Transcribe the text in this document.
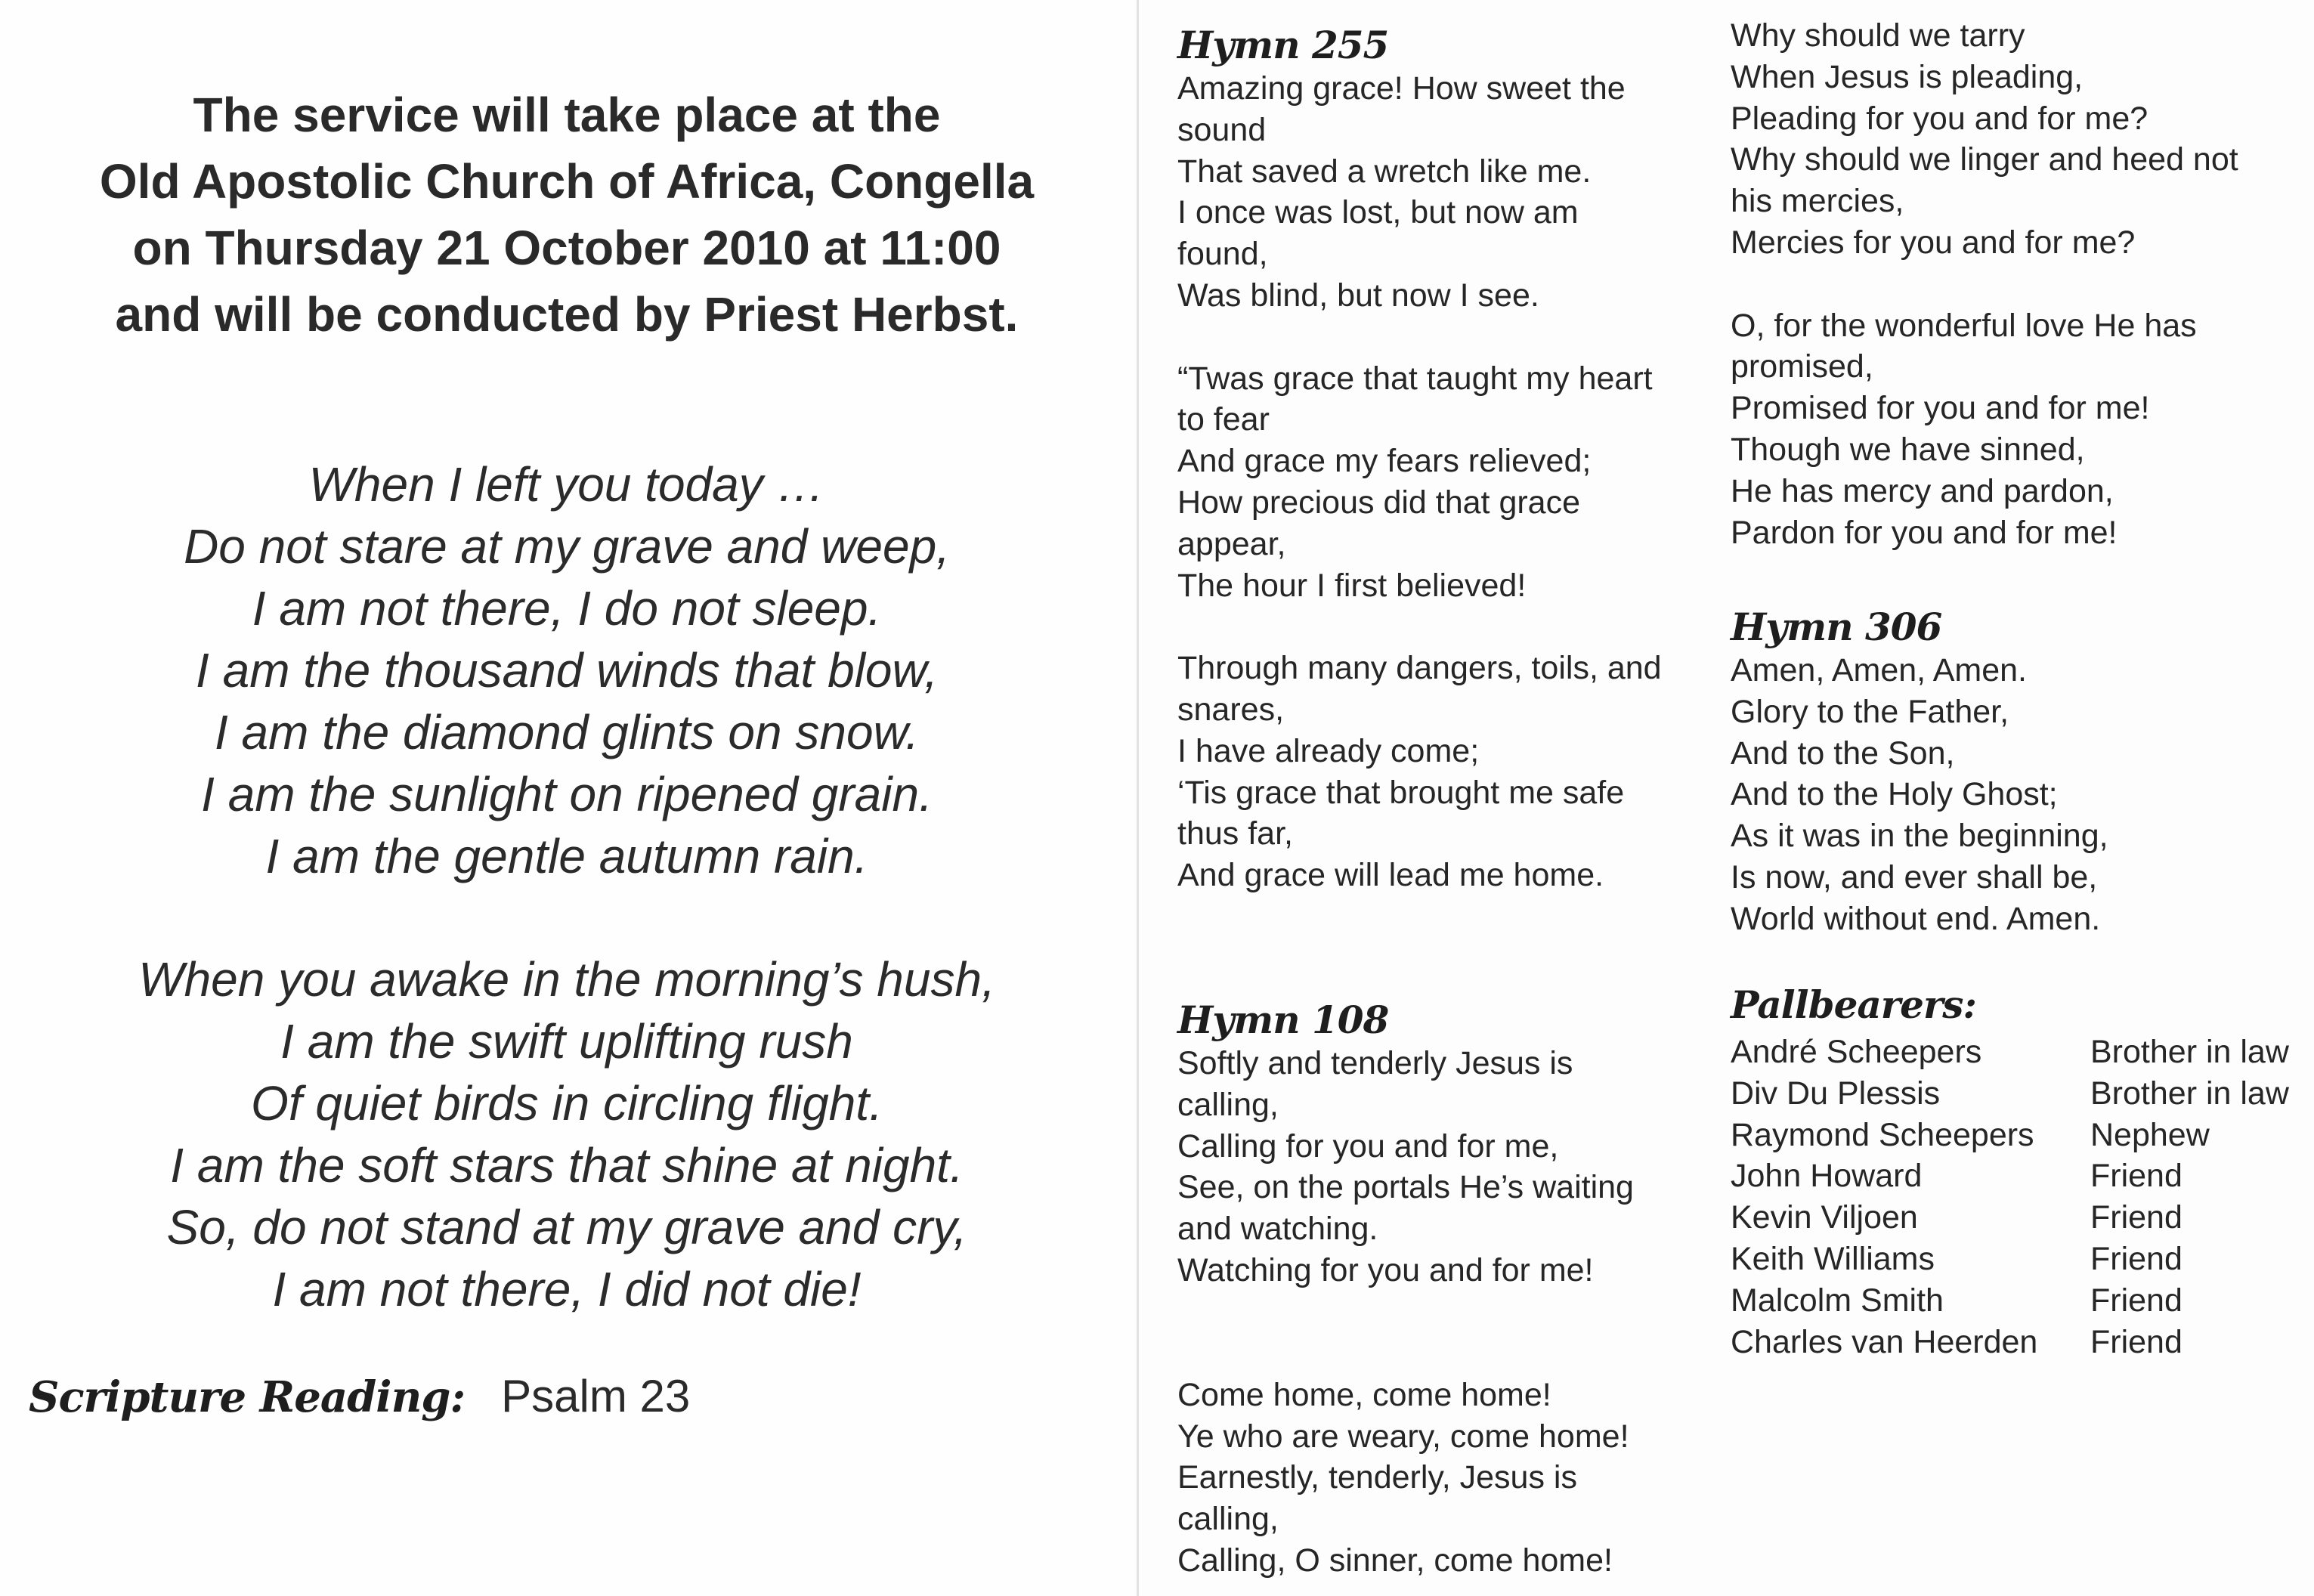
The service will take place at the
Old Apostolic Church of Africa, Congella
on Thursday 21 October 2010 at 11:00
and will be conducted by Priest Herbst.
When I left you today …
Do not stare at my grave and weep,
I am not there, I do not sleep.
I am the thousand winds that blow,
I am the diamond glints on snow.
I am the sunlight on ripened grain.
I am the gentle autumn rain.
When you awake in the morning’s hush,
I am the swift uplifting rush
Of quiet birds in circling flight.
I am the soft stars that shine at night.
So, do not stand at my grave and cry,
I am not there, I did not die!
Scripture Reading: Psalm 23
Hymn 255
Amazing grace! How sweet the
sound
That saved a wretch like me.
I once was lost, but now am
found,
Was blind, but now I see.
“Twas grace that taught my heart
to fear
And grace my fears relieved;
How precious did that grace
appear,
The hour I first believed!
Through many dangers, toils, and
snares,
I have already come;
‘Tis grace that brought me safe
thus far,
And grace will lead me home.
Hymn 108
Softly and tenderly Jesus is
calling,
Calling for you and for me,
See, on the portals He’s waiting
and watching.
Watching for you and for me!
Come home, come home!
Ye who are weary, come home!
Earnestly, tenderly, Jesus is
calling,
Calling, O sinner, come home!
Why should we tarry
When Jesus is pleading,
Pleading for you and for me?
Why should we linger and heed not
his mercies,
Mercies for you and for me?
O, for the wonderful love He has
promised,
Promised for you and for me!
Though we have sinned,
He has mercy and pardon,
Pardon for you and for me!
Hymn 306
Amen, Amen, Amen.
Glory to the Father,
And to the Son,
And to the Holy Ghost;
As it was in the beginning,
Is now, and ever shall be,
World without end. Amen.
Pallbearers:
André Scheepers	Brother in law
Div Du Plessis	Brother in law
Raymond Scheepers	Nephew
John Howard	Friend
Kevin Viljoen	Friend
Keith Williams	Friend
Malcolm Smith	Friend
Charles van Heerden	Friend
